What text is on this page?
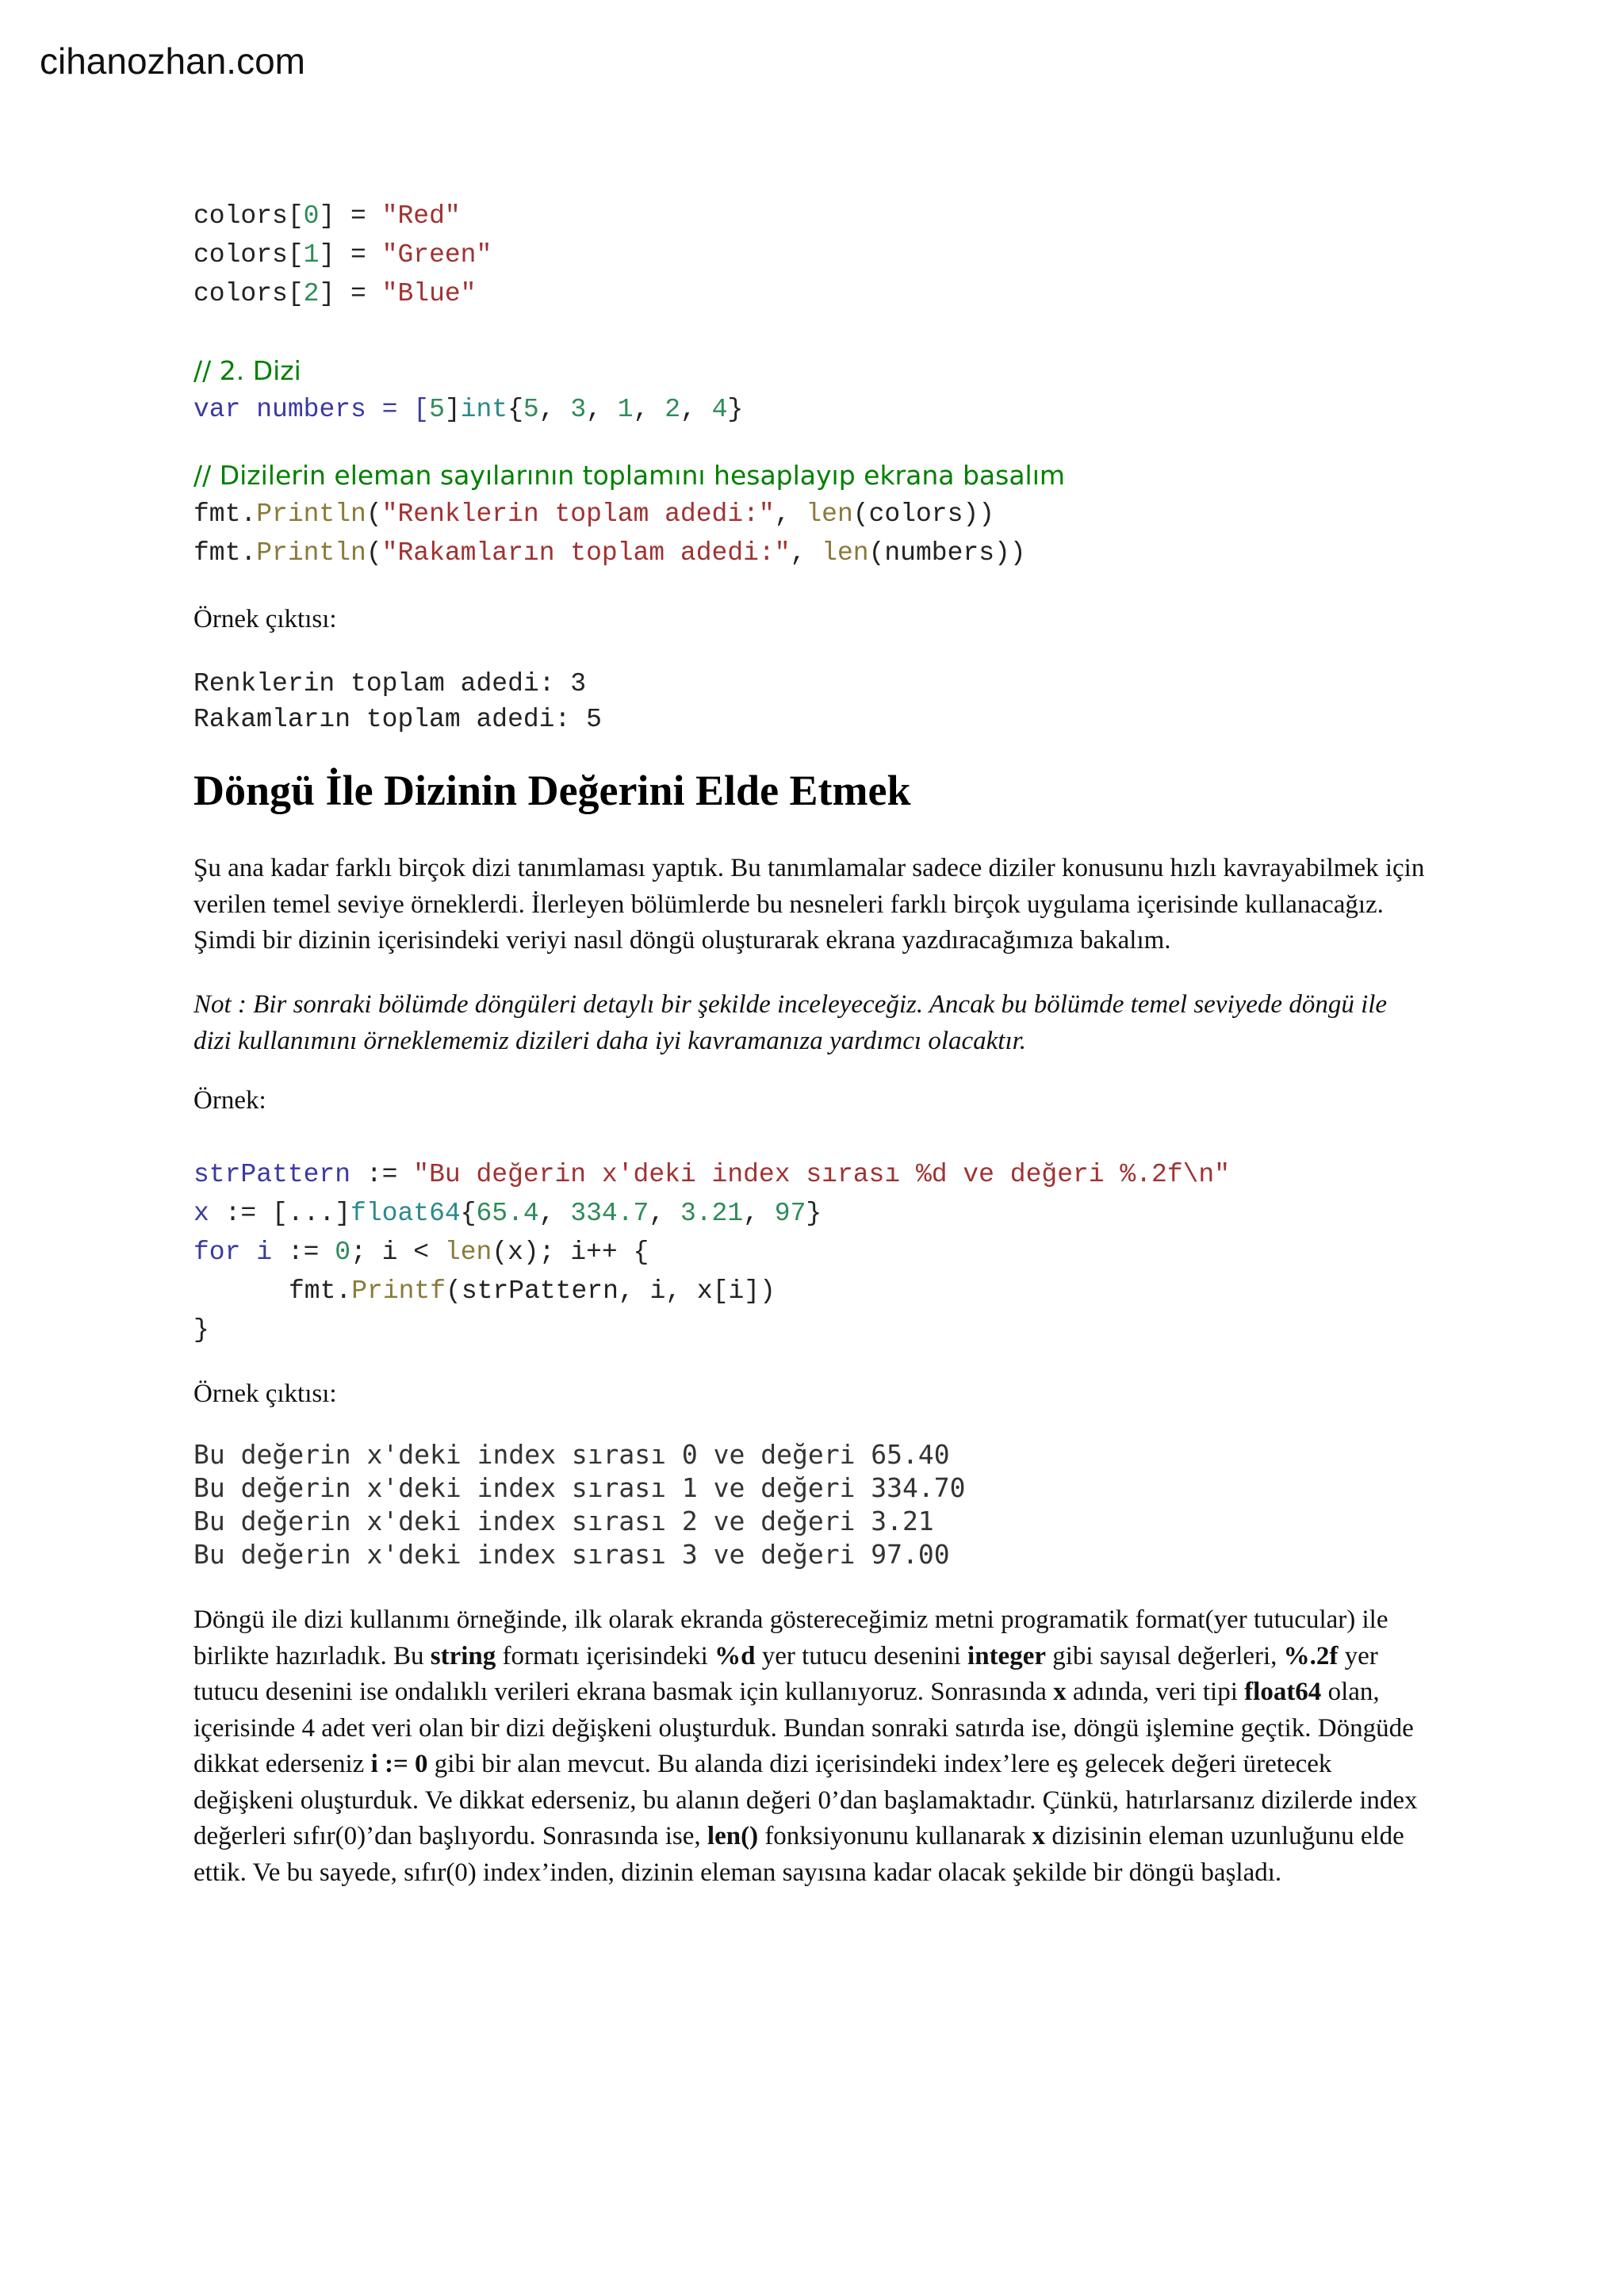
cihanozhan.com
colors[0] = "Red"
colors[1] = "Green"
colors[2] = "Blue"
// 2. Dizi
var numbers = [5]int{5, 3, 1, 2, 4}
// Dizilerin eleman sayılarının toplamını hesaplayıp ekrana basalım
fmt.Println("Renklerin toplam adedi:", len(colors))
fmt.Println("Rakamların toplam adedi:", len(numbers))
Örnek çıktısı:
Renklerin toplam adedi: 3
Rakamların toplam adedi: 5
Döngü İle Dizinin Değerini Elde Etmek
Şu ana kadar farklı birçok dizi tanımlaması yaptık. Bu tanımlamalar sadece diziler konusunu hızlı kavrayabilmek için verilen temel seviye örneklerdi. İlerleyen bölümlerde bu nesneleri farklı birçok uygulama içerisinde kullanacağız. Şimdi bir dizinin içerisindeki veriyi nasıl döngü oluşturarak ekrana yazdıracağımıza bakalım.
Not : Bir sonraki bölümde döngüleri detaylı bir şekilde inceleyeceğiz. Ancak bu bölümde temel seviyede döngü ile dizi kullanımını örneklememiz dizileri daha iyi kavramanıza yardımcı olacaktır.
Örnek:
strPattern := "Bu değerin x'deki index sırası %d ve değeri %.2f\n"
x := [...]float64{65.4, 334.7, 3.21, 97}
for i := 0; i < len(x); i++ {
fmt.Printf(strPattern, i, x[i])
}
Örnek çıktısı:
Bu değerin x'deki index sırası 0 ve değeri 65.40
Bu değerin x'deki index sırası 1 ve değeri 334.70
Bu değerin x'deki index sırası 2 ve değeri 3.21
Bu değerin x'deki index sırası 3 ve değeri 97.00
Döngü ile dizi kullanımı örneğinde, ilk olarak ekranda göstereceğimiz metni programatik format(yer tutucular) ile birlikte hazırladık. Bu string formatı içerisindeki %d yer tutucu desenini integer gibi sayısal değerleri, %.2f yer tutucu desenini ise ondalıklı verileri ekrana basmak için kullanıyoruz. Sonrasında x adında, veri tipi float64 olan, içerisinde 4 adet veri olan bir dizi değişkeni oluşturduk. Bundan sonraki satırda ise, döngü işlemine geçtik. Döngüde dikkat ederseniz i := 0 gibi bir alan mevcut. Bu alanda dizi içerisindeki index’lere eş gelecek değeri üretecek değişkeni oluşturduk. Ve dikkat ederseniz, bu alanın değeri 0’dan başlamaktadır. Çünkü, hatırlarsanız dizilerde index değerleri sıfır(0)’dan başlıyordu. Sonrasında ise, len() fonksiyonunu kullanarak x dizisinin eleman uzunluğunu elde ettik. Ve bu sayede, sıfır(0) index’inden, dizinin eleman sayısına kadar olacak şekilde bir döngü başladı.
